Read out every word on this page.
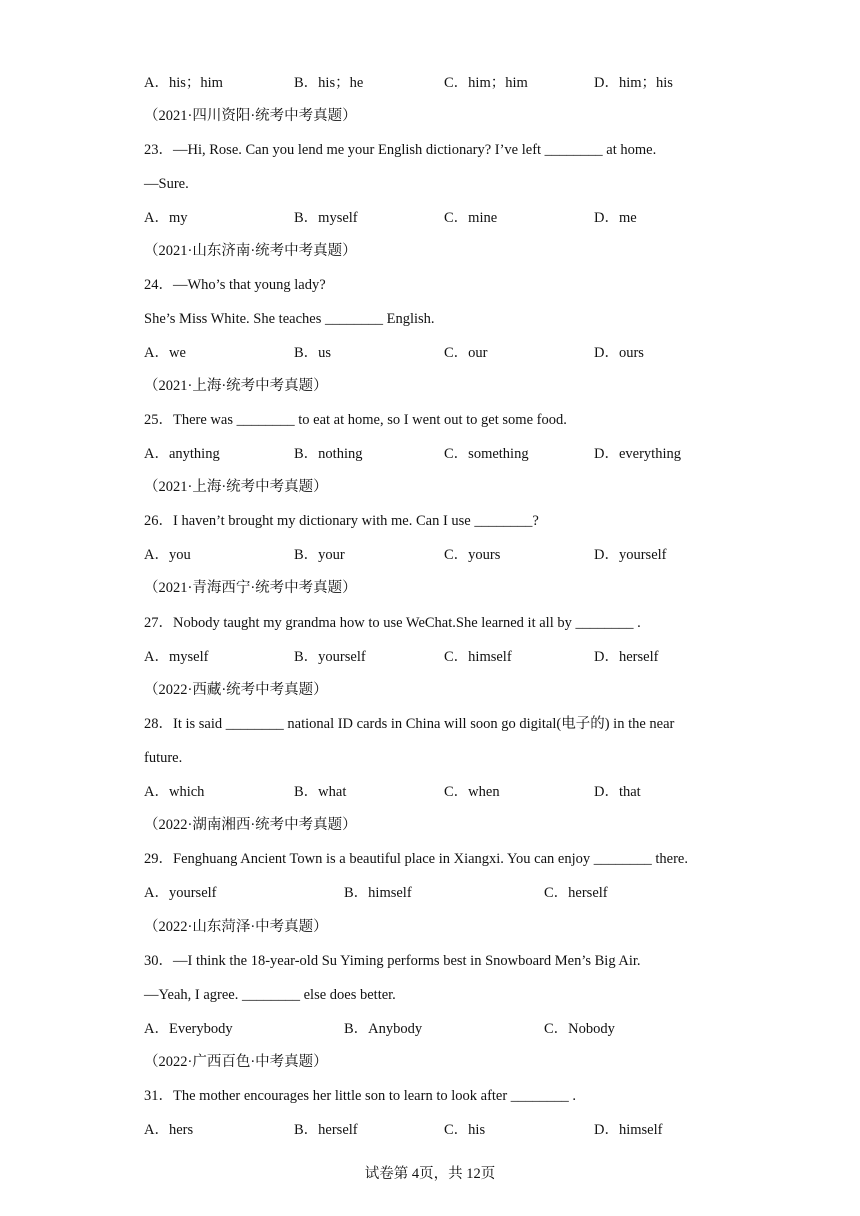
A．his；him	B．his；he	C．him；him	D．him；his
（2021·四川资阳·统考中考真题）
23．—Hi, Rose. Can you lend me your English dictionary? I’ve left ________ at home.
—Sure.
A．my	B．myself	C．mine	D．me
（2021·山东济南·统考中考真题）
24．—Who’s that young lady?
She’s Miss White. She teaches ________ English.
A．we	B．us	C．our	D．ours
（2021·上海·统考中考真题）
25．There was ________ to eat at home, so I went out to get some food.
A．anything	B．nothing	C．something	D．everything
（2021·上海·统考中考真题）
26．I haven’t brought my dictionary with me. Can I use ________?
A．you	B．your	C．yours	D．yourself
（2021·青海西宁·统考中考真题）
27．Nobody taught my grandma how to use WeChat.She learned it all by ________ .
A．myself	B．yourself	C．himself	D．herself
（2022·西藏·统考中考真题）
28．It is said ________ national ID cards in China will soon go digital(电子的) in the near
future.
A．which	B．what	C．when	D．that
（2022·湖南湘西·统考中考真题）
29．Fenghuang Ancient Town is a beautiful place in Xiangxi. You can enjoy ________ there.
A．yourself	B．himself	C．herself
（2022·山东菏泽·中考真题）
30．—I think the 18-year-old Su Yiming performs best in Snowboard Men’s Big Air.
—Yeah, I agree. ________ else does better.
A．Everybody	B．Anybody	C．Nobody
（2022·广西百色·中考真题）
31．The mother encourages her little son to learn to look after ________ .
A．hers	B．herself	C．his	D．himself
试卷第 4页，共 12页
